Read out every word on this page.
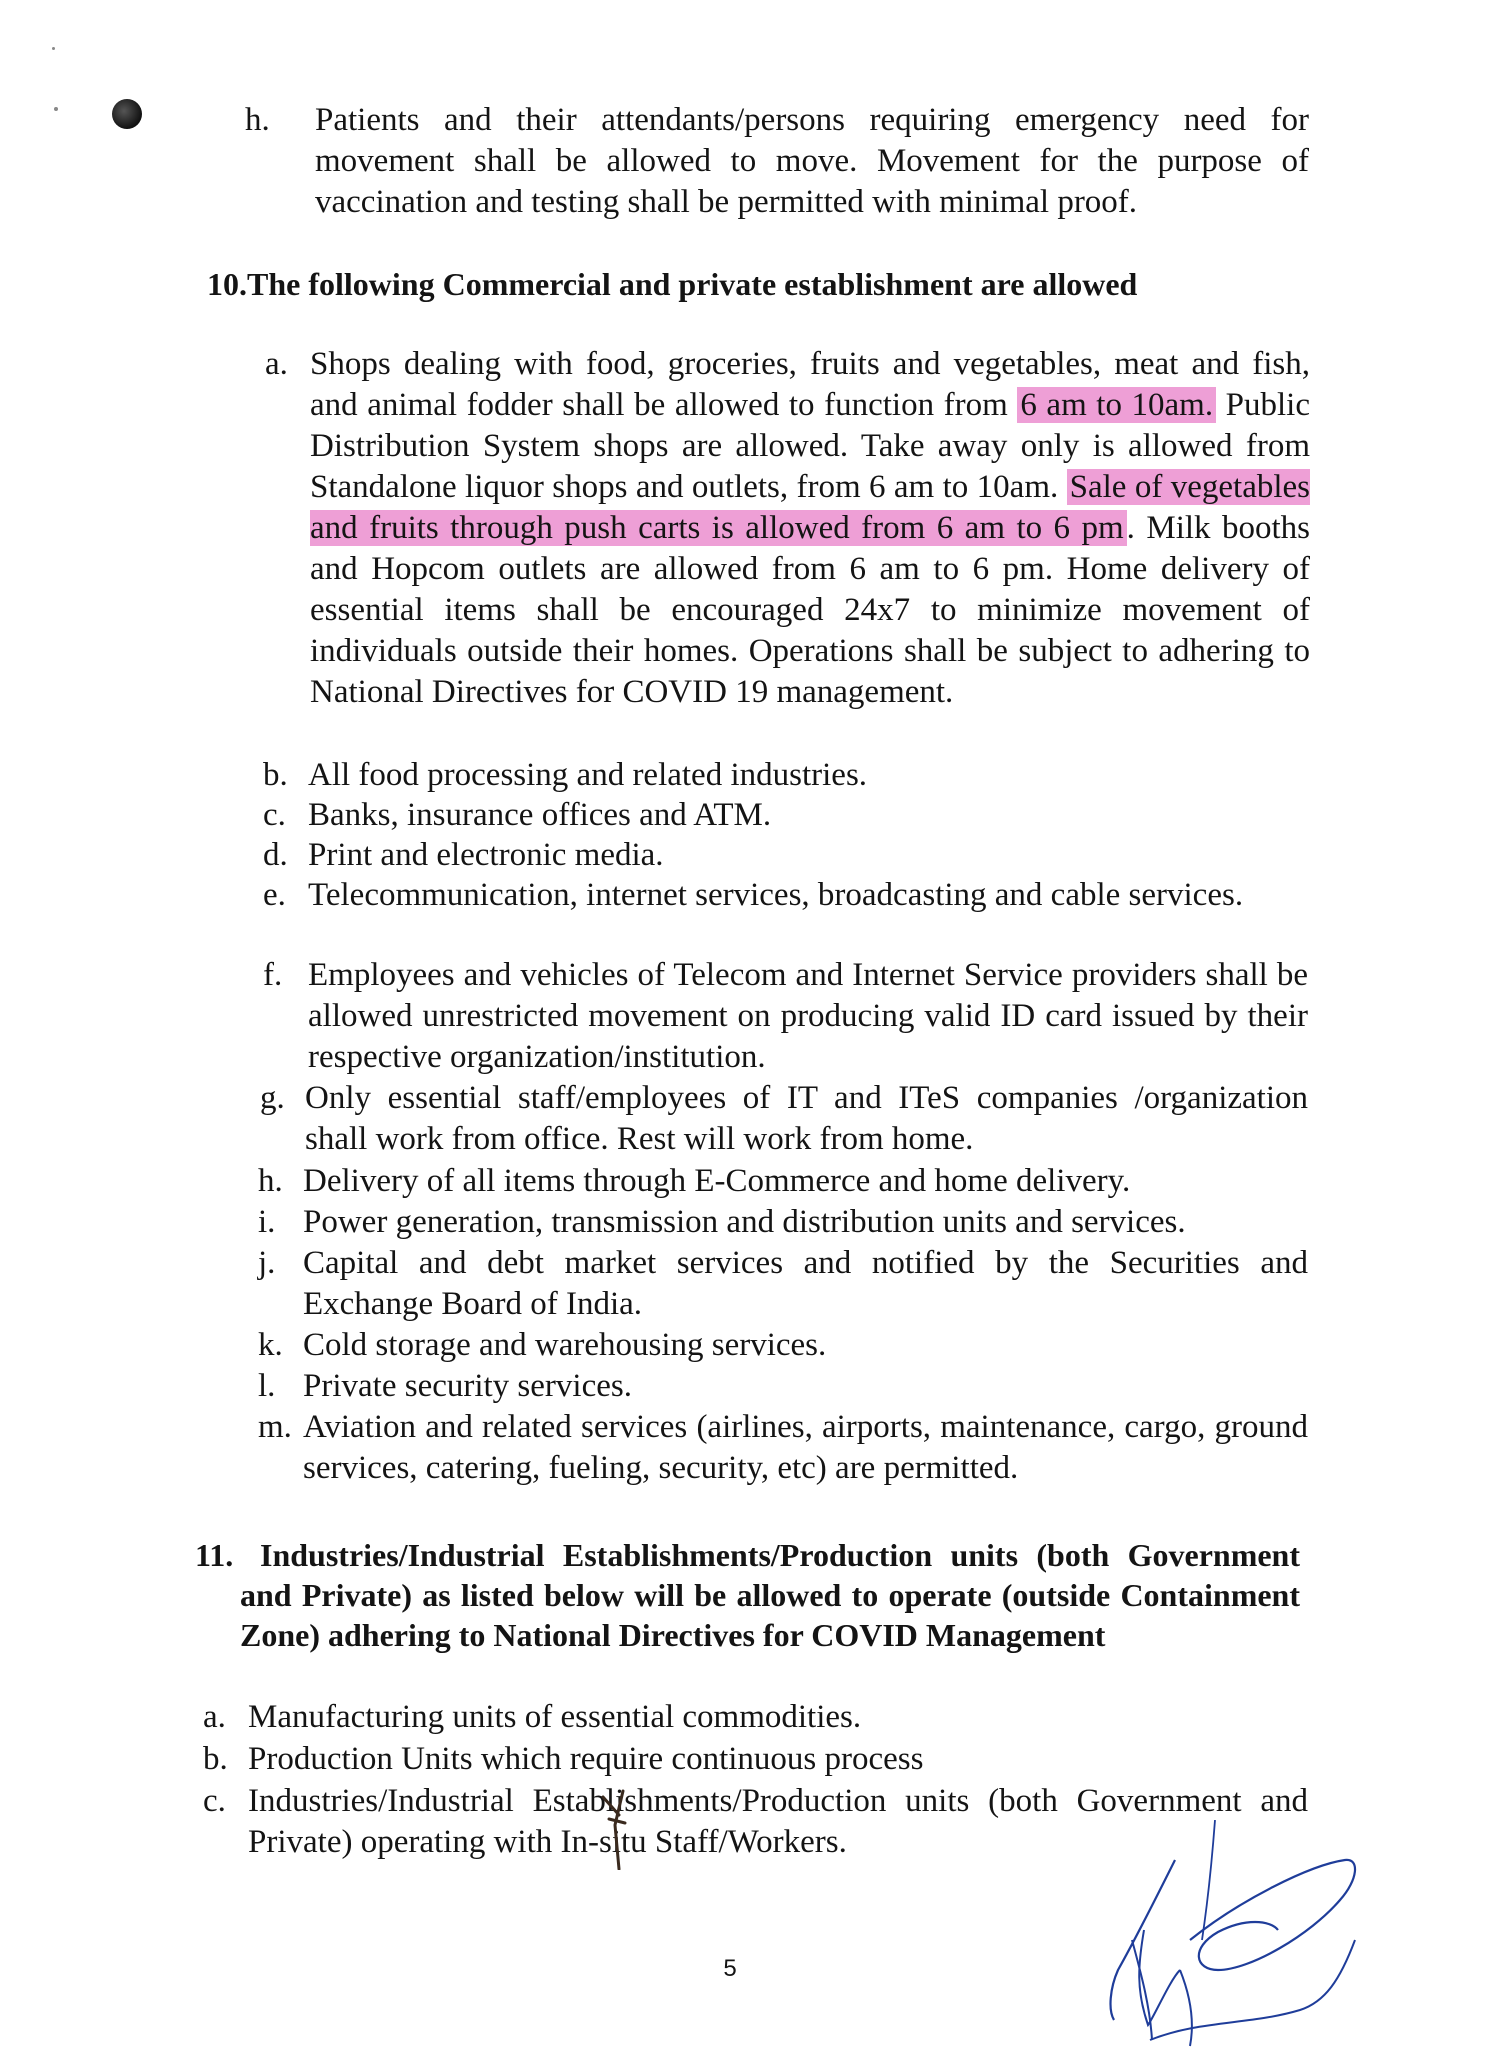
h. Patients and their attendants/persons requiring emergency need for movement shall be allowed to move. Movement for the purpose of vaccination and testing shall be permitted with minimal proof.
10.The following Commercial and private establishment are allowed
a. Shops dealing with food, groceries, fruits and vegetables, meat and fish, and animal fodder shall be allowed to function from 6 am to 10am. Public Distribution System shops are allowed. Take away only is allowed from Standalone liquor shops and outlets, from 6 am to 10am. Sale of vegetables and fruits through push carts is allowed from 6 am to 6 pm. Milk booths and Hopcom outlets are allowed from 6 am to 6 pm. Home delivery of essential items shall be encouraged 24x7 to minimize movement of individuals outside their homes. Operations shall be subject to adhering to National Directives for COVID 19 management.
b. All food processing and related industries.
c. Banks, insurance offices and ATM.
d. Print and electronic media.
e. Telecommunication, internet services, broadcasting and cable services.
f. Employees and vehicles of Telecom and Internet Service providers shall be allowed unrestricted movement on producing valid ID card issued by their respective organization/institution.
g. Only essential staff/employees of IT and ITeS companies /organization shall work from office. Rest will work from home.
h. Delivery of all items through E-Commerce and home delivery.
i. Power generation, transmission and distribution units and services.
j. Capital and debt market services and notified by the Securities and Exchange Board of India.
k. Cold storage and warehousing services.
l. Private security services.
m. Aviation and related services (airlines, airports, maintenance, cargo, ground services, catering, fueling, security, etc) are permitted.
11. Industries/Industrial Establishments/Production units (both Government and Private) as listed below will be allowed to operate (outside Containment Zone) adhering to National Directives for COVID Management
a. Manufacturing units of essential commodities.
b. Production Units which require continuous process
c. Industries/Industrial Establishments/Production units (both Government and Private) operating with In-situ Staff/Workers.
5
